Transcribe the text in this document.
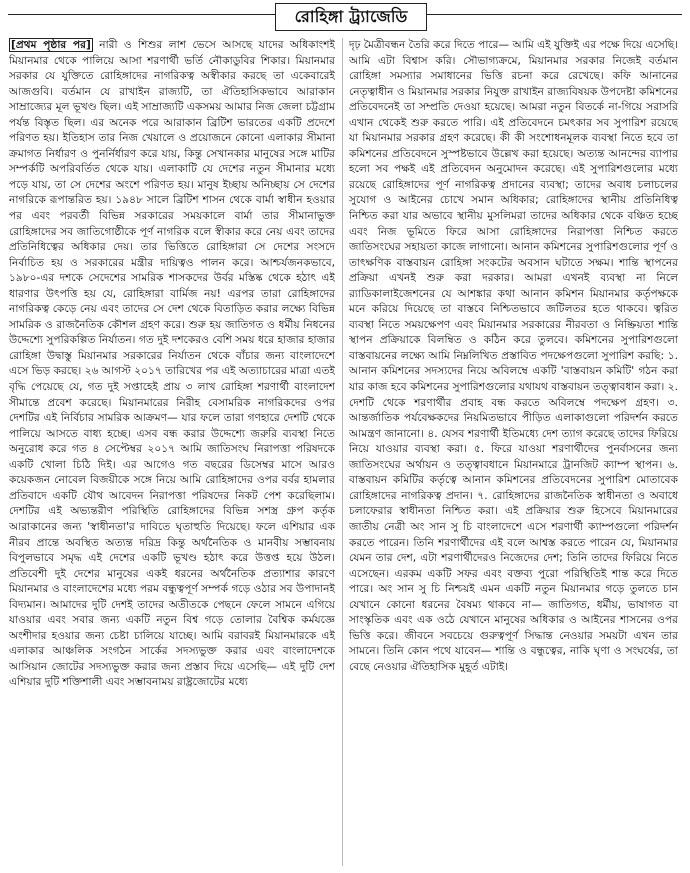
রোহিঙ্গা ট্র্যাজেডি

[প্রথম পৃষ্ঠার পর] নারী ও শিশুর লাশ ভেসে আসছে যাদের অধিকাংশই মিয়ানমার থেকে পালিয়ে আসা শরণার্থী ভর্তি নৌকাডুবির শিকার। মিয়ানমার সরকার যে যুক্তিতে রোহিঙ্গাদের নাগরিকত্ব অস্বীকার করছে তা একেবারেই আজগুবি। বর্তমান যে রাখাইন রাজ্যটি, তা ঐতিহাসিকভাবে আরাকান সাম্রাজ্যের মূল ভূখণ্ড ছিল। এই সাম্রাজ্যটি একসময় আমার নিজ জেলা চট্টগ্রাম পর্যন্ত বিস্তৃত ছিল। এর অনেক পরে আরাকান ব্রিটিশ ভারতের একটি প্রদেশে পরিণত হয়। ইতিহাস তার নিজ খেয়ালে ও প্রয়োজনে কোনো এলাকার সীমানা ক্রমাগত নির্ধারণ ও পুনর্নির্ধারণ করে যায়, কিন্তু সেখানকার মানুষের সঙ্গে মাটির সম্পর্কটি অপরিবর্তিত থেকে যায়। এলাকাটি যে দেশের নতুন সীমানার মধ্যে পড়ে যায়, তা সে দেশের অংশে পরিণত হয়। মানুষ ইচ্ছায় অনিচ্ছায় সে দেশের নাগরিকে রূপান্তরিত হয়। ১৯৪৮ সালে ব্রিটিশ শাসন থেকে বার্মা স্বাধীন হওয়ার পর এবং পরবর্তী বিভিন্ন সরকারের সময়কালে বার্মা তার সীমানাভুক্ত রোহিঙ্গাদের সব জাতিগোষ্ঠীকে পূর্ণ নাগরিক বলে স্বীকার করে নেয় এবং তাদের প্রতিনিধিত্বের অধিকার দেয়। তার ভিত্তিতে রোহিঙ্গারা সে দেশের সংসদে নির্বাচিত হয় ও সরকারের মন্ত্রীর দায়িত্বও পালন করে। আশ্চর্যজনকভাবে, ১৯৮০-এর দশকে সেদেশের সামরিক শাসকদের উর্বর মস্তিষ্ক থেকে হঠাৎ এই ধারণার উৎপত্তি হয় যে, রোহিঙ্গারা বার্মিজ নয়! এরপর তারা রোহিঙ্গাদের নাগরিকত্ব কেড়ে নেয় এবং তাদের সে দেশ থেকে বিতাড়িত করার লক্ষ্যে বিভিন্ন সামরিক ও রাজনৈতিক কৌশল গ্রহণ করে। শুরু হয় জাতিগত ও ধর্মীয় নিধনের উদ্দেশ্যে সুপরিকল্পিত নির্যাতন। গত দুই দশকেরও বেশি সময় ধরে হাজার হাজার রোহিঙ্গা উদ্বাস্তু মিয়ানমার সরকারের নির্যাতন থেকে বাঁচার জন্য বাংলাদেশে এসে ভিড় করছে। ২৬ আগস্ট ২০১৭ তারিখের পর এই অত্যাচারের মাত্রা এতই বৃদ্ধি পেয়েছে যে, গত দুই সপ্তাহেই প্রায় ৩ লাখ রোহিঙ্গা শরণার্থী বাংলাদেশ সীমান্তে প্রবেশ করেছে। মিয়ানমারের নিরীহ বেসামরিক নাগরিকদের ওপর দেশটির এই নির্বিচার সামরিক আক্রমণ— যার ফলে তারা গণহারে দেশটি থেকে পালিয়ে আসতে বাধ্য হচ্ছে। এসব বন্ধ করার উদ্দেশ্যে জরুরি ব্যবস্থা নিতে অনুরোধ করে গত ৪ সেপ্টেম্বর ২০১৭ আমি জাতিসংঘ নিরাপত্তা পরিষদকে একটি খোলা চিঠি দিই। এর আগেও গত বছরের ডিসেম্বর মাসে আরও কয়েকজন নোবেল বিজয়ীকে সঙ্গে নিয়ে আমি রোহিঙ্গাদের ওপর বর্বর হামলার প্রতিবাদে একটি যৌথ আবেদন নিরাপত্তা পরিষদের নিকট পেশ করেছিলাম। দেশটির এই অভ্যন্তরীণ পরিস্থিতি রোহিঙ্গাদের বিভিন্ন সশস্ত্র গ্রুপ কর্তৃক আরাকানের জন্য 'স্বাধীনতা'র দাবিতে ঘৃতাহুতি দিয়েছে। ফলে এশিয়ার এক নীরব প্রান্তে অবস্থিত অত্যন্ত দরিদ্র কিন্তু অর্থনৈতিক ও মানবীয় সম্ভাবনায় বিপুলভাবে সমৃদ্ধ এই দেশের একটি ভূখণ্ড হঠাৎ করে উত্তপ্ত হয়ে উঠল। প্রতিবেশী দুই দেশের মানুষের একই ধরনের অর্থনৈতিক প্রত্যাশার কারণে মিয়ানমার ও বাংলাদেশের মধ্যে পরম বন্ধুত্বপূর্ণ সম্পর্ক গড়ে ওঠার সব উপাদানই বিদ্যমান। আমাদের দুটি দেশই তাদের অতীতকে পেছনে ফেলে সামনে এগিয়ে যাওয়ার এবং সবার জন্য একটি নতুন বিশ্ব গড়ে তোলার বৈশ্বিক কর্মযজ্ঞে অংশীদার হওয়ার জন্য চেষ্টা চালিয়ে যাচ্ছে। আমি বরাবরই মিয়ানমারকে এই এলাকার আঞ্চলিক সংগঠন সার্কের সদস্যভুক্ত করার এবং বাংলাদেশকে আসিয়ান জোটের সদস্যভুক্ত করার জন্য প্রস্তাব দিয়ে এসেছি— এই দুটি দেশ এশিয়ার দুটি শক্তিশালী এবং সম্ভাবনাময় রাষ্ট্রজোটের মধ্যে

দৃঢ় মৈত্রীবন্ধন তৈরি করে দিতে পারে— আমি এই যুক্তিই এর পক্ষে দিয়ে এসেছি। আমি এটা বিশ্বাস করি। সৌভাগ্যক্রমে, মিয়ানমার সরকার নিজেই বর্তমান রোহিঙ্গা সমস্যার সমাধানের ভিত্তি রচনা করে রেখেছে। কফি আনানের নেতৃত্বাধীন ও মিয়ানমার সরকার নিযুক্ত রাখাইন রাজ্যবিষয়ক উপদেষ্টা কমিশনের প্রতিবেদনেই তা সম্প্রতি দেওয়া হয়েছে। আমরা নতুন বিতর্কে না-গিয়ে সরাসরি এখান থেকেই শুরু করতে পারি। এই প্রতিবেদনে চমৎকার সব সুপারিশ রয়েছে যা মিয়ানমার সরকার গ্রহণ করেছে। কী কী সংশোধনমূলক ব্যবস্থা নিতে হবে তা কমিশনের প্রতিবেদনে সুস্পষ্টভাবে উল্লেখ করা হয়েছে। অত্যন্ত আনন্দের ব্যাপার হলো সব পক্ষই এই প্রতিবেদন অনুমোদন করেছে। এই সুপারিশগুলোর মধ্যে রয়েছে রোহিঙ্গাদের পূর্ণ নাগরিকত্ব প্রদানের ব্যবস্থা; তাদের অবাধ চলাচলের সুযোগ ও আইনের চোখে সমান অধিকার; রোহিঙ্গাদের স্থানীয় প্রতিনিধিত্ব নিশ্চিত করা যার অভাবে স্থানীয় মুসলিমরা তাদের অধিকার থেকে বঞ্চিত হচ্ছে এবং নিজ ভূমিতে ফিরে আসা রোহিঙ্গাদের নিরাপত্তা নিশ্চিত করতে জাতিসংঘের সহায়তা কাজে লাগানো। আনান কমিশনের সুপারিশগুলোর পূর্ণ ও তাৎক্ষণিক বাস্তবায়ন রোহিঙ্গা সংকটের অবসান ঘটাতে সক্ষম। শান্তি স্থাপনের প্রক্রিয়া এখনই শুরু করা দরকার। আমরা এখনই ব্যবস্থা না নিলে র‍্যাডিকালাইজেশনের যে আশঙ্কার কথা আনান কমিশন মিয়ানমার কর্তৃপক্ষকে মনে করিয়ে দিয়েছে তা বাস্তবে নিশ্চিতভাবে জটিলতর হতে থাকবে। ত্বরিত ব্যবস্থা নিতে সময়ক্ষেপণ এবং মিয়ানমার সরকারের নীরবতা ও নিষ্ক্রিয়তা শান্তি স্থাপন প্রক্রিয়াকে বিলম্বিত ও কঠিন করে তুলবে। কমিশনের সুপারিশগুলো বাস্তবায়নের লক্ষ্যে আমি নিম্নলিখিত প্রস্তাবিত পদক্ষেপগুলো সুপারিশ করছি: ১. আনান কমিশনের সদস্যদের নিয়ে অবিলম্বে একটি 'বাস্তবায়ন কমিটি' গঠন করা যার কাজ হবে কমিশনের সুপারিশগুলোর যথাযথ বাস্তবায়ন তত্ত্বাবধান করা। ২. দেশটি থেকে শরণার্থীর প্রবাহ বন্ধ করতে অবিলম্বে পদক্ষেপ গ্রহণ। ৩. আন্তর্জাতিক পর্যবেক্ষকদের নিয়মিতভাবে পীড়িত এলাকাগুলো পরিদর্শন করতে আমন্ত্রণ জানানো। ৪. যেসব শরণার্থী ইতিমধ্যে দেশ ত্যাগ করেছে তাদের ফিরিয়ে নিয়ে যাওয়ার ব্যবস্থা করা। ৫. ফিরে যাওয়া শরণার্থীদের পুনর্বাসনের জন্য জাতিসংঘের অর্থায়ন ও তত্ত্বাবধানে মিয়ানমারে ট্রানজিট ক্যাম্প স্থাপন। ৬. বাস্তবায়ন কমিটির কর্তৃত্বে আনান কমিশনের প্রতিবেদনের সুপারিশ মোতাবেক রোহিঙ্গাদের নাগরিকত্ব প্রদান। ৭. রোহিঙ্গাদের রাজনৈতিক স্বাধীনতা ও অবাধে চলাফেরার স্বাধীনতা নিশ্চিত করা। এই প্রক্রিয়ার শুরু হিসেবে মিয়ানমারের জাতীয় নেত্রী অং সান সু চি বাংলাদেশে এসে শরণার্থী ক্যাম্পগুলো পরিদর্শন করতে পারেন। তিনি শরণার্থীদের এই বলে আশ্বস্ত করতে পারেন যে, মিয়ানমার যেমন তার দেশ, এটা শরণার্থীদেরও নিজেদের দেশ; তিনি তাদের ফিরিয়ে নিতে এসেছেন। এরকম একটি সফর এবং বক্তব্য পুরো পরিস্থিতিই শান্ত করে দিতে পারে। অং সান সু চি নিশ্চয়ই এমন একটি নতুন মিয়ানমার গড়ে তুলতে চান যেখানে কোনো ধরনের বৈষম্য থাকবে না— জাতিগত, ধর্মীয়, ভাষাগত বা সাংস্কৃতিক এবং এক ওঠে যেখানে মানুষের অধিকার ও আইনের শাসনের ওপর ভিত্তি করে। জীবনে সবচেয়ে গুরুত্বপূর্ণ সিদ্ধান্ত নেওয়ার সময়টা এখন তার সামনে। তিনি কোন পথে যাবেন— শান্তি ও বন্ধুত্বের, নাকি ঘৃণা ও সংঘর্ষের, তা বেছে নেওয়ার ঐতিহাসিক মুহূর্ত এটাই।
